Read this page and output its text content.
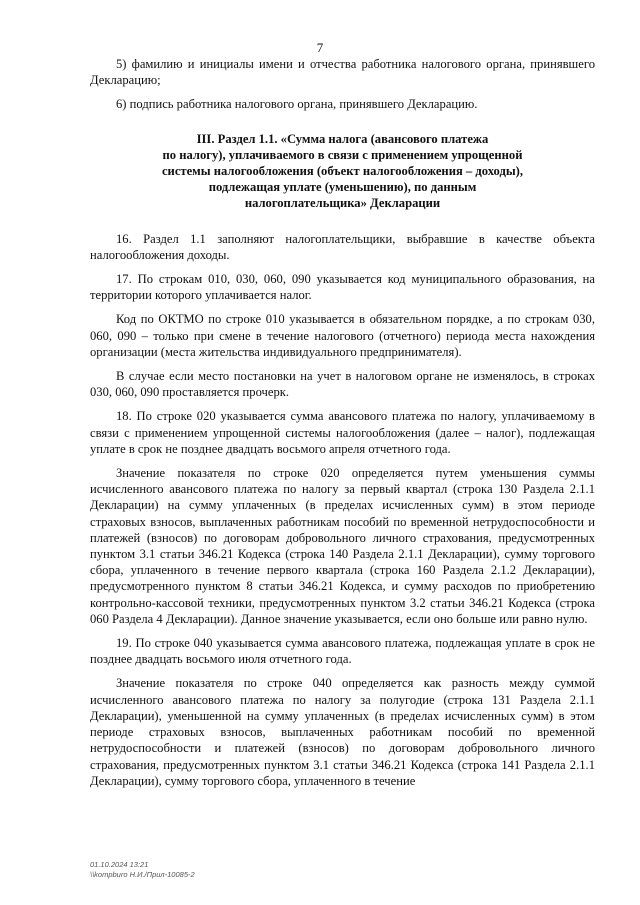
7

5) фамилию и инициалы имени и отчества работника налогового органа, принявшего Декларацию;

6) подпись работника налогового органа, принявшего Декларацию.

III. Раздел 1.1. «Сумма налога (авансового платежа
по налогу), уплачиваемого в связи с применением упрощенной
системы налогообложения (объект налогообложения – доходы),
подлежащая уплате (уменьшению), по данным
налогоплательщика» Декларации

16. Раздел 1.1 заполняют налогоплательщики, выбравшие в качестве объекта налогообложения доходы.

17. По строкам 010, 030, 060, 090 указывается код муниципального образования, на территории которого уплачивается налог.

Код по ОКТМО по строке 010 указывается в обязательном порядке, а по строкам 030, 060, 090 – только при смене в течение налогового (отчетного) периода места нахождения организации (места жительства индивидуального предпринимателя).

В случае если место постановки на учет в налоговом органе не изменялось, в строках 030, 060, 090 проставляется прочерк.

18. По строке 020 указывается сумма авансового платежа по налогу, уплачиваемому в связи с применением упрощенной системы налогообложения (далее – налог), подлежащая уплате в срок не позднее двадцать восьмого апреля отчетного года.

Значение показателя по строке 020 определяется путем уменьшения суммы исчисленного авансового платежа по налогу за первый квартал (строка 130 Раздела 2.1.1 Декларации) на сумму уплаченных (в пределах исчисленных сумм) в этом периоде страховых взносов, выплаченных работникам пособий по временной нетрудоспособности и платежей (взносов) по договорам добровольного личного страхования, предусмотренных пунктом 3.1 статьи 346.21 Кодекса (строка 140 Раздела 2.1.1 Декларации), сумму торгового сбора, уплаченного в течение первого квартала (строка 160 Раздела 2.1.2 Декларации), предусмотренного пунктом 8 статьи 346.21 Кодекса, и сумму расходов по приобретению контрольно-кассовой техники, предусмотренных пунктом 3.2 статьи 346.21 Кодекса (строка 060 Раздела 4 Декларации). Данное значение указывается, если оно больше или равно нулю.

19. По строке 040 указывается сумма авансового платежа, подлежащая уплате в срок не позднее двадцать восьмого июля отчетного года.

Значение показателя по строке 040 определяется как разность между суммой исчисленного авансового платежа по налогу за полугодие (строка 131 Раздела 2.1.1 Декларации), уменьшенной на сумму уплаченных (в пределах исчисленных сумм) в этом периоде страховых взносов, выплаченных работникам пособий по временной нетрудоспособности и платежей (взносов) по договорам добровольного личного страхования, предусмотренных пунктом 3.1 статьи 346.21 Кодекса (строка 141 Раздела 2.1.1 Декларации), сумму торгового сбора, уплаченного в течение

01.10.2024 13:21
\\kompburo Н.И./Прил-10085-2
